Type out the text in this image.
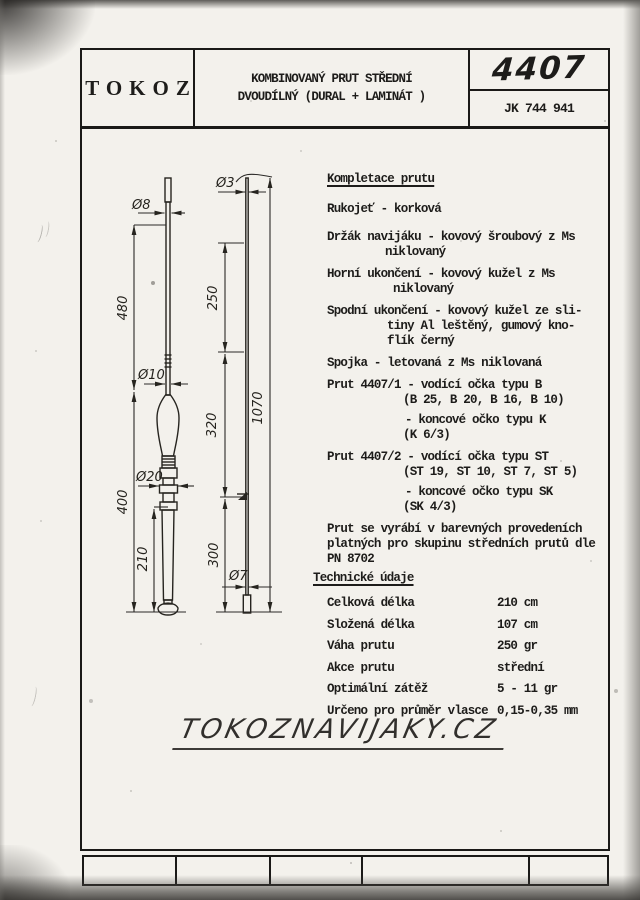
TOKOZ	KOMBINOVANÝ PRUT STŘEDNÍ
DVOUDÍLNÝ (DURAL + LAMINÁT )
4407
JK 744 941
Ø8
Ø10
Ø20
Ø3
Ø7
480
400
210
250
320
300
1070

Kompletace prutu

Rukojeť - korková

Držák navijáku - kovový šroubový z Ms

niklovaný

Horní ukončení - kovový kužel z Ms

niklovaný

Spodní ukončení - kovový kužel ze sli-

tiny Al leštěný, gumový kno-

flík černý

Spojka - letovaná z Ms niklovaná

Prut 4407/1 - vodící očka typu B

(B 25, B 20, B 16, B 10)

- koncové očko typu K

(K 6/3)

Prut 4407/2 - vodící očka typu ST

(ST 19, ST 10, ST 7, ST 5)

- koncové očko typu SK

(SK 4/3)

Prut se vyrábí v barevných provedeních

platných pro skupinu středních prutů dle

PN 8702

Technické údaje

Celková délka	210 cm
Složená délka	107 cm
Váha prutu	250 gr
Akce prutu	střední
Optimální zátěž	5 - 11 gr
Určeno pro průměr vlasce 0,15-0,35 mm
TOKOZNAVIJAKY.CZ
